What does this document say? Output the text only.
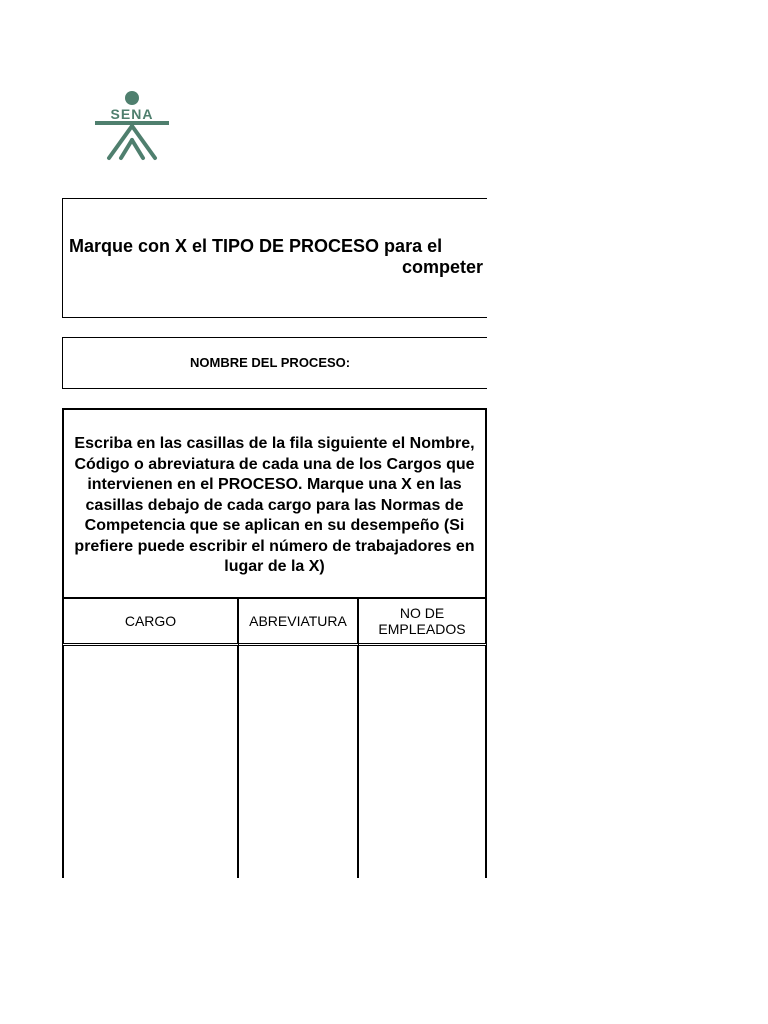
SENA
Marque con X el TIPO DE PROCESO para el
competer
NOMBRE DEL PROCESO:
Escriba en las casillas de la fila siguiente el Nombre, Código o abreviatura de cada una de los Cargos que intervienen en el PROCESO. Marque una X en las casillas debajo de cada cargo para las Normas de Competencia que se aplican en su desempeño (Si prefiere puede escribir el número de trabajadores en lugar de la X)
CARGO	ABREVIATURA	NO DE EMPLEADOS
